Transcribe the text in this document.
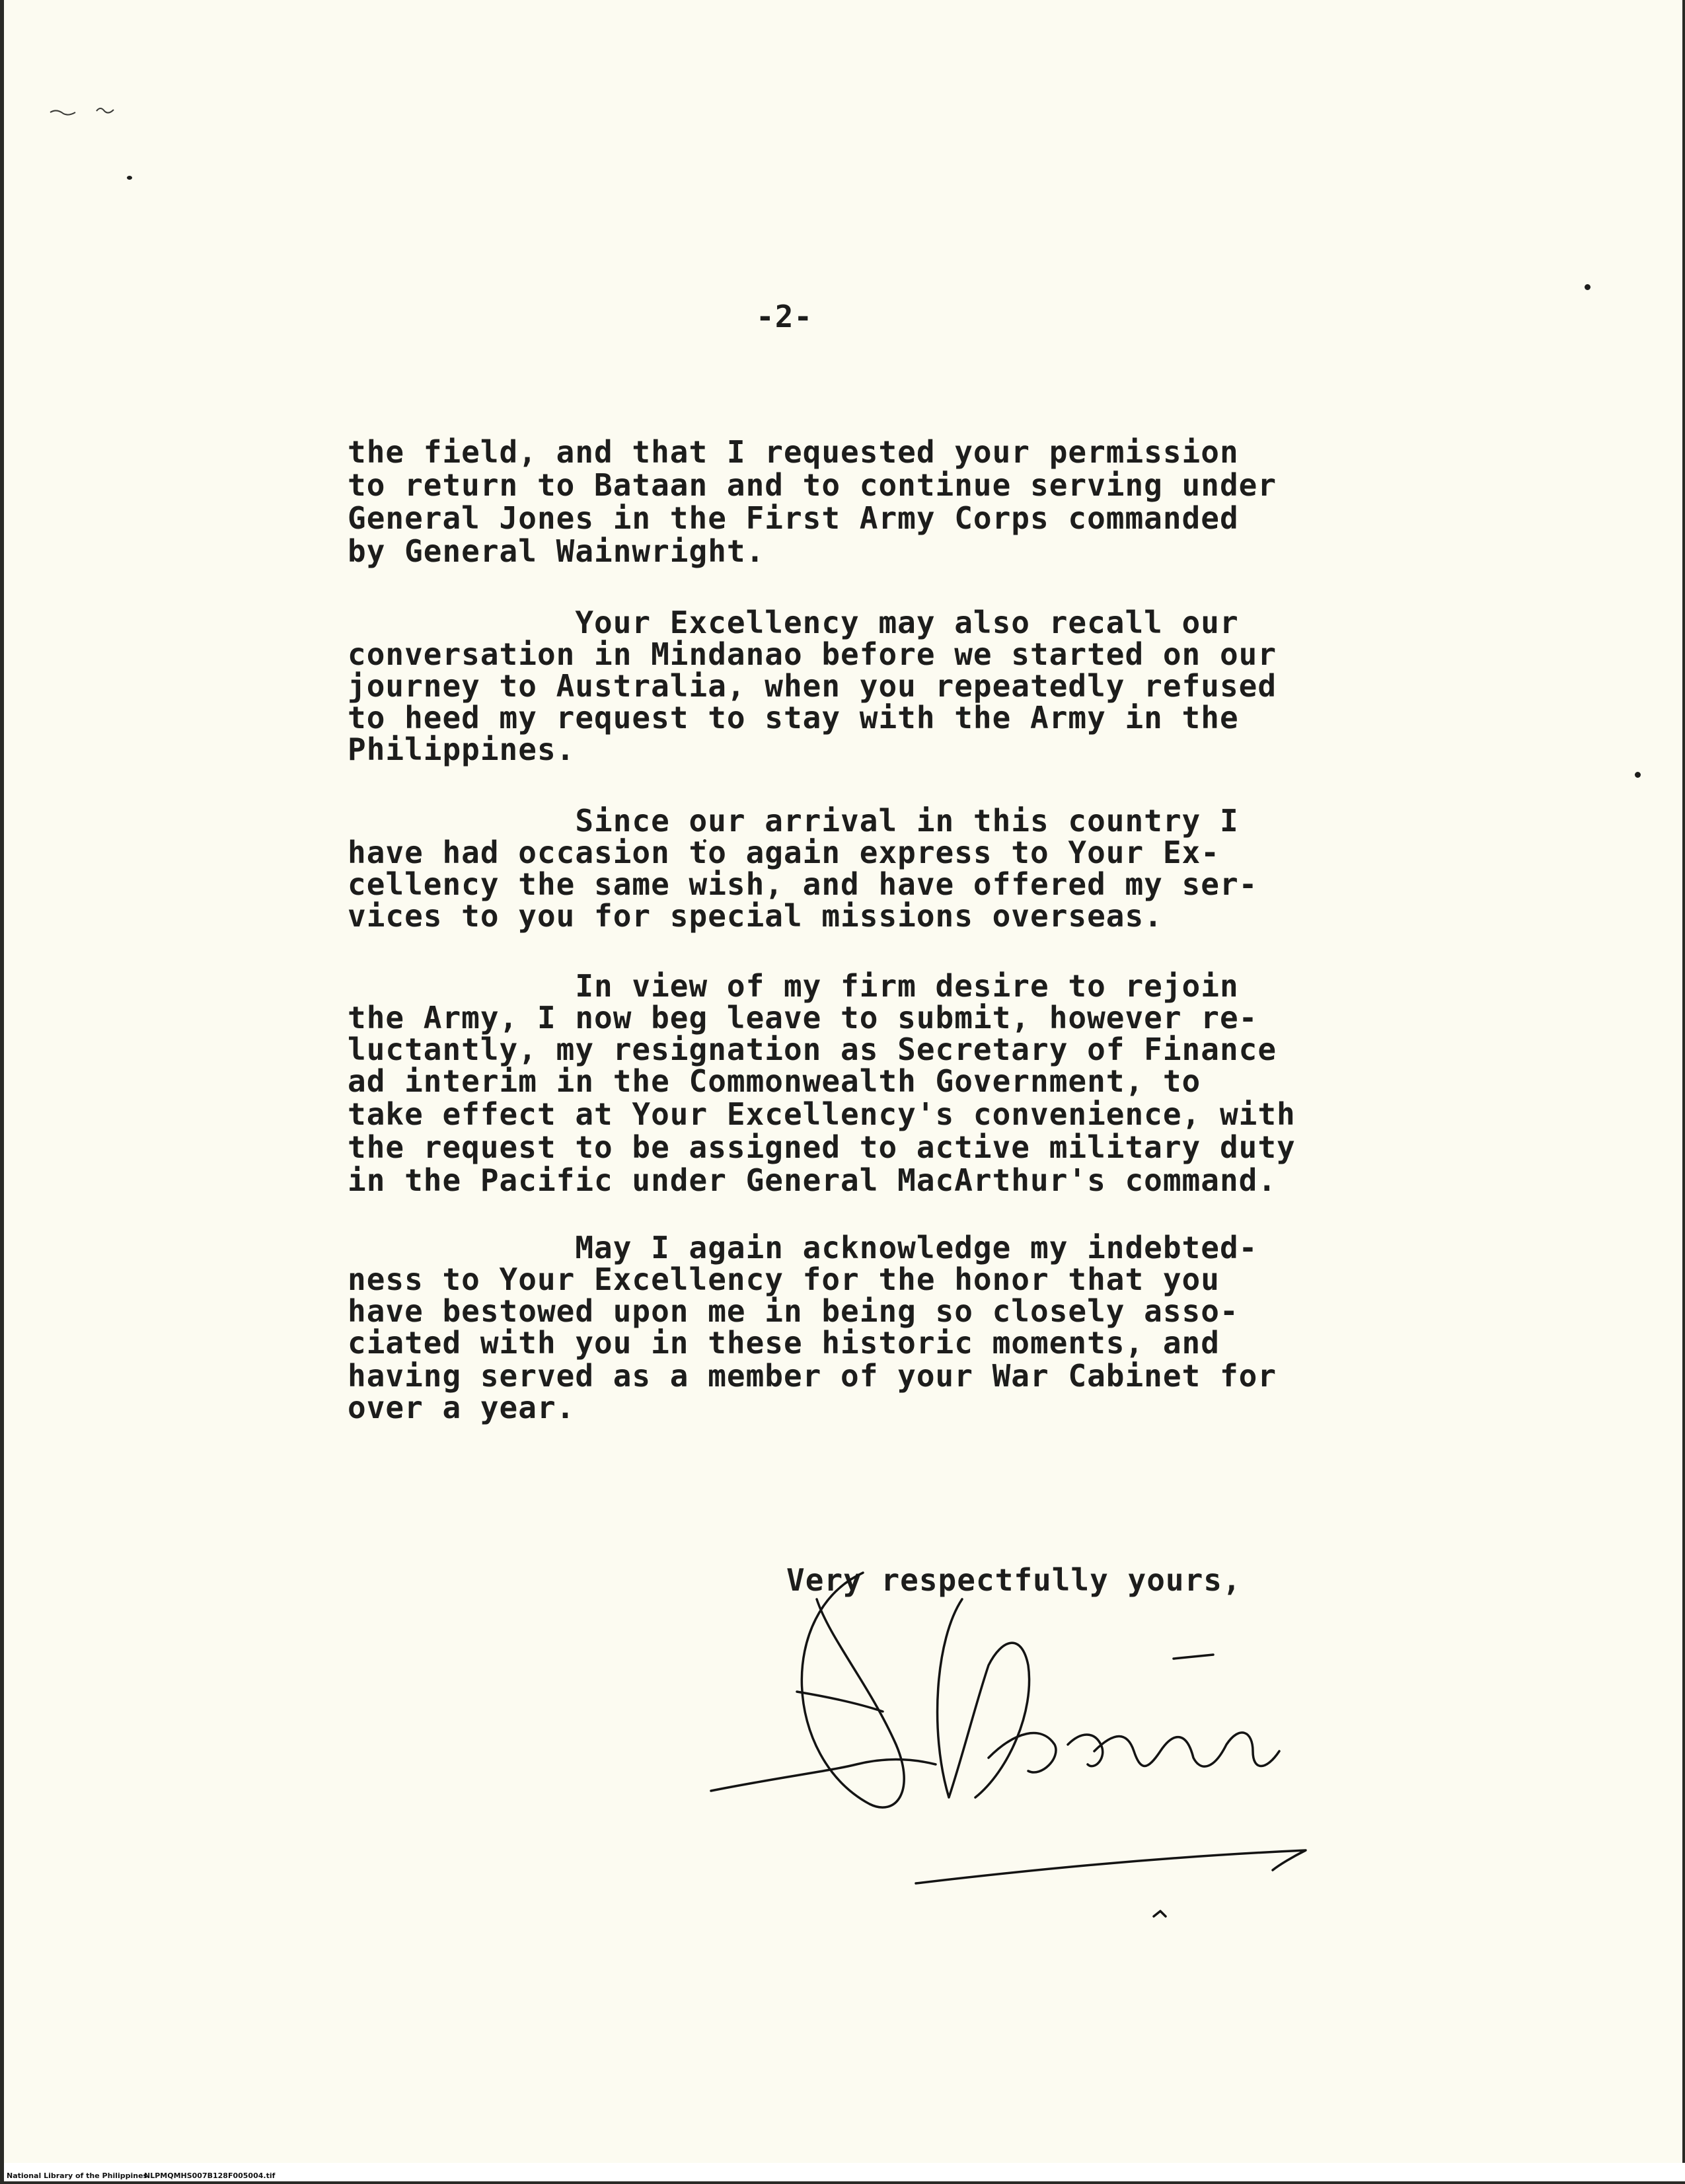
-2-

the field, and that I requested your permission

to return to Bataan and to continue serving under

General Jones in the First Army Corps commanded

by General Wainwright.

Your Excellency may also recall our

conversation in Mindanao before we started on our

journey to Australia, when you repeatedly refused

to heed my request to stay with the Army in the

Philippines.

Since our arrival in this country I

have had occasion to again express to Your Ex-

cellency the same wish, and have offered my ser-

vices to you for special missions overseas.

In view of my firm desire to rejoin

the Army, I now beg leave to submit, however re-

luctantly, my resignation as Secretary of Finance

ad interim in the Commonwealth Government, to

take effect at Your Excellency's convenience, with

the request to be assigned to active military duty

in the Pacific under General MacArthur's command.

May I again acknowledge my indebted-

ness to Your Excellency for the honor that you

have bestowed upon me in being so closely asso-

ciated with you in these historic moments, and

having served as a member of your War Cabinet for

over a year.

Very respectfully yours,
National Library of the Philippines
NLPMQMHS007B128F005004.tif
